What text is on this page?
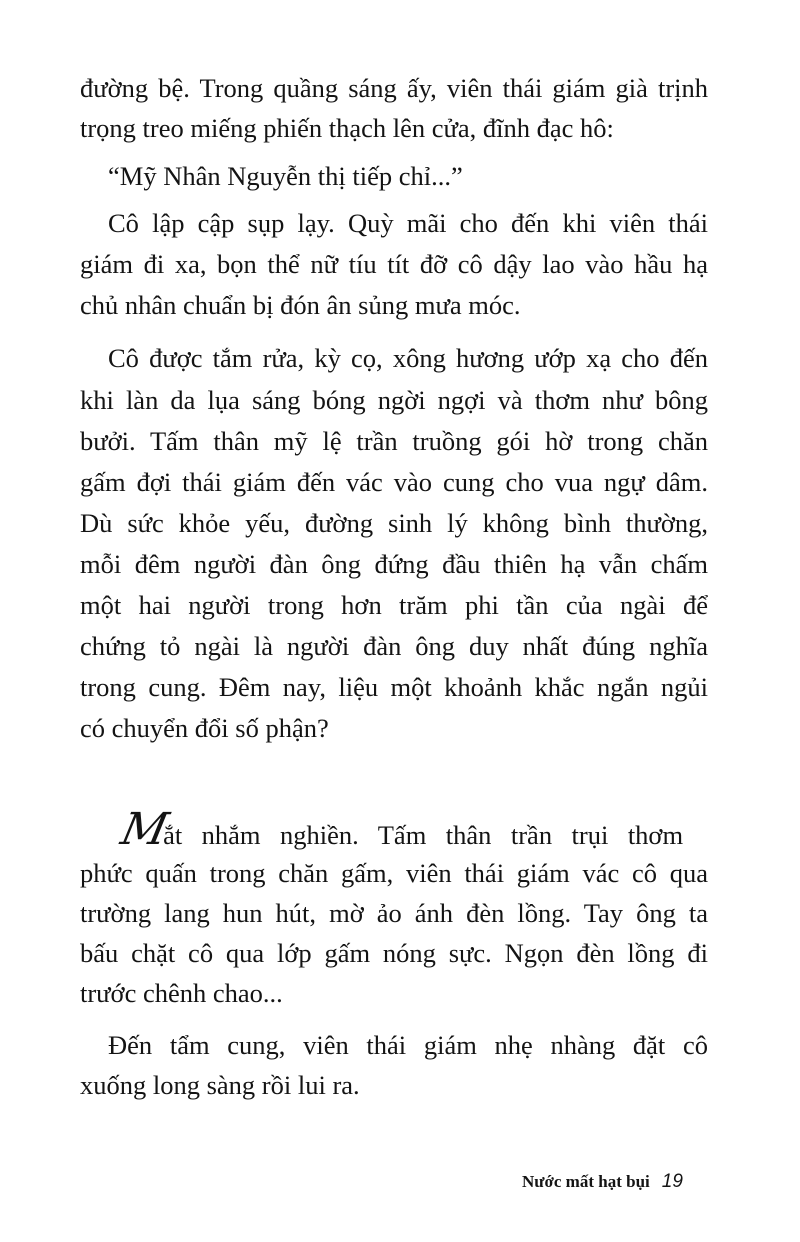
đường bệ. Trong quầng sáng ấy, viên thái giám già trịnh
trọng treo miếng phiến thạch lên cửa, đĩnh đạc hô:
“Mỹ Nhân Nguyễn thị tiếp chỉ...”
Cô lập cập sụp lạy. Quỳ mãi cho đến khi viên thái
giám đi xa, bọn thể nữ tíu tít đỡ cô dậy lao vào hầu hạ
chủ nhân chuẩn bị đón ân sủng mưa móc.
Cô được tắm rửa, kỳ cọ, xông hương ướp xạ cho đến
khi làn da lụa sáng bóng ngời ngợi và thơm như bông
bưởi. Tấm thân mỹ lệ trần truồng gói hờ trong chăn
gấm đợi thái giám đến vác vào cung cho vua ngự dâm.
Dù sức khỏe yếu, đường sinh lý không bình thường,
mỗi đêm người đàn ông đứng đầu thiên hạ vẫn chấm
một hai người trong hơn trăm phi tần của ngài để
chứng tỏ ngài là người đàn ông duy nhất đúng nghĩa
trong cung. Đêm nay, liệu một khoảnh khắc ngắn ngủi
có chuyển đổi số phận?
Mắt nhắm nghiền. Tấm thân trần trụi thơm
phức quấn trong chăn gấm, viên thái giám vác cô qua
trường lang hun hút, mờ ảo ánh đèn lồng. Tay ông ta
bấu chặt cô qua lớp gấm nóng sực. Ngọn đèn lồng đi
trước chênh chao...
Đến tẩm cung, viên thái giám nhẹ nhàng đặt cô
xuống long sàng rồi lui ra.
Nước mất hạt bụi 19
